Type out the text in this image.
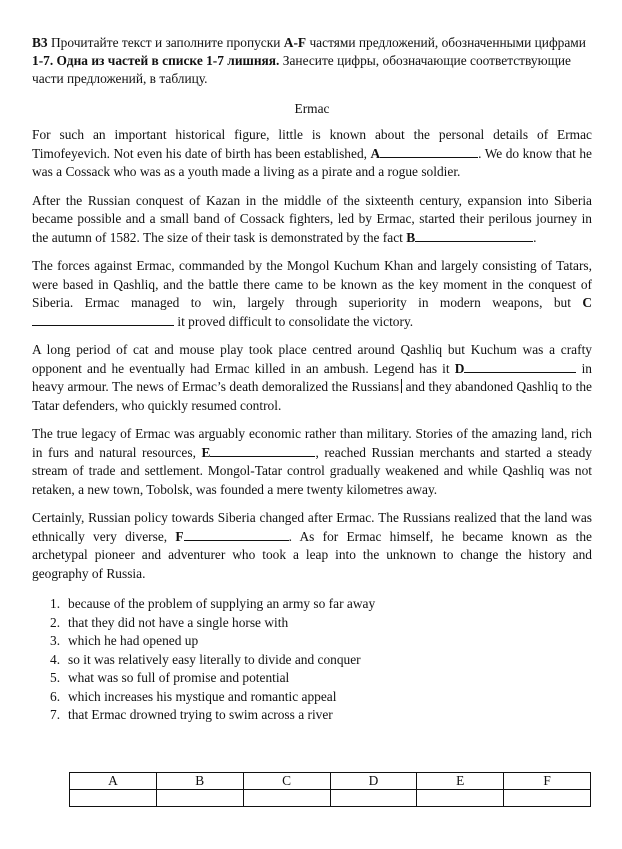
B3 Прочитайте текст и заполните пропуски A-F частями предложений, обозначенными цифрами 1-7. Одна из частей в списке 1-7 лишняя. Занесите цифры, обозначающие соответствующие части предложений, в таблицу.

Ermac

For such an important historical figure, little is known about the personal details of Ermac Timofeyevich. Not even his date of birth has been established, A	. We do know that he was a Cossack who was as a youth made a living as a pirate and a rogue soldier.

After the Russian conquest of Kazan in the middle of the sixteenth century, expansion into Siberia became possible and a small band of Cossack fighters, led by Ermac, started their perilous journey in the autumn of 1582. The size of their task is demonstrated by the fact B	.

The forces against Ermac, commanded by the Mongol Kuchum Khan and largely consisting of Tatars, were based in Qashliq, and the battle there came to be known as the key moment in the conquest of Siberia. Ermac managed to win, largely through superiority in modern weapons, but C it proved difficult to consolidate the victory.

A long period of cat and mouse play took place centred around Qashliq but Kuchum was a crafty opponent and he eventually had Ermac killed in an ambush. Legend has it D	in heavy armour. The news of Ermac’s death demoralized the Russians and they abandoned Qashliq to the Tatar defenders, who quickly resumed control.

The true legacy of Ermac was arguably economic rather than military. Stories of the amazing land, rich in furs and natural resources, E	, reached Russian merchants and started a steady stream of trade and settlement. Mongol-Tatar control gradually weakened and while Qashliq was not retaken, a new town, Tobolsk, was founded a mere twenty kilometres away.

Certainly, Russian policy towards Siberia changed after Ermac. The Russians realized that the land was ethnically very diverse, F	. As for Ermac himself, he became known as the archetypal pioneer and adventurer who took a leap into the unknown to change the history and geography of Russia.

1. because of the problem of supplying an army so far away
2. that they did not have a single horse with
3. which he had opened up
4. so it was relatively easy literally to divide and conquer
5. what was so full of promise and potential
6. which increases his mystique and romantic appeal
7. that Ermac drowned trying to swim across a river
A	B	C	D	E	F
